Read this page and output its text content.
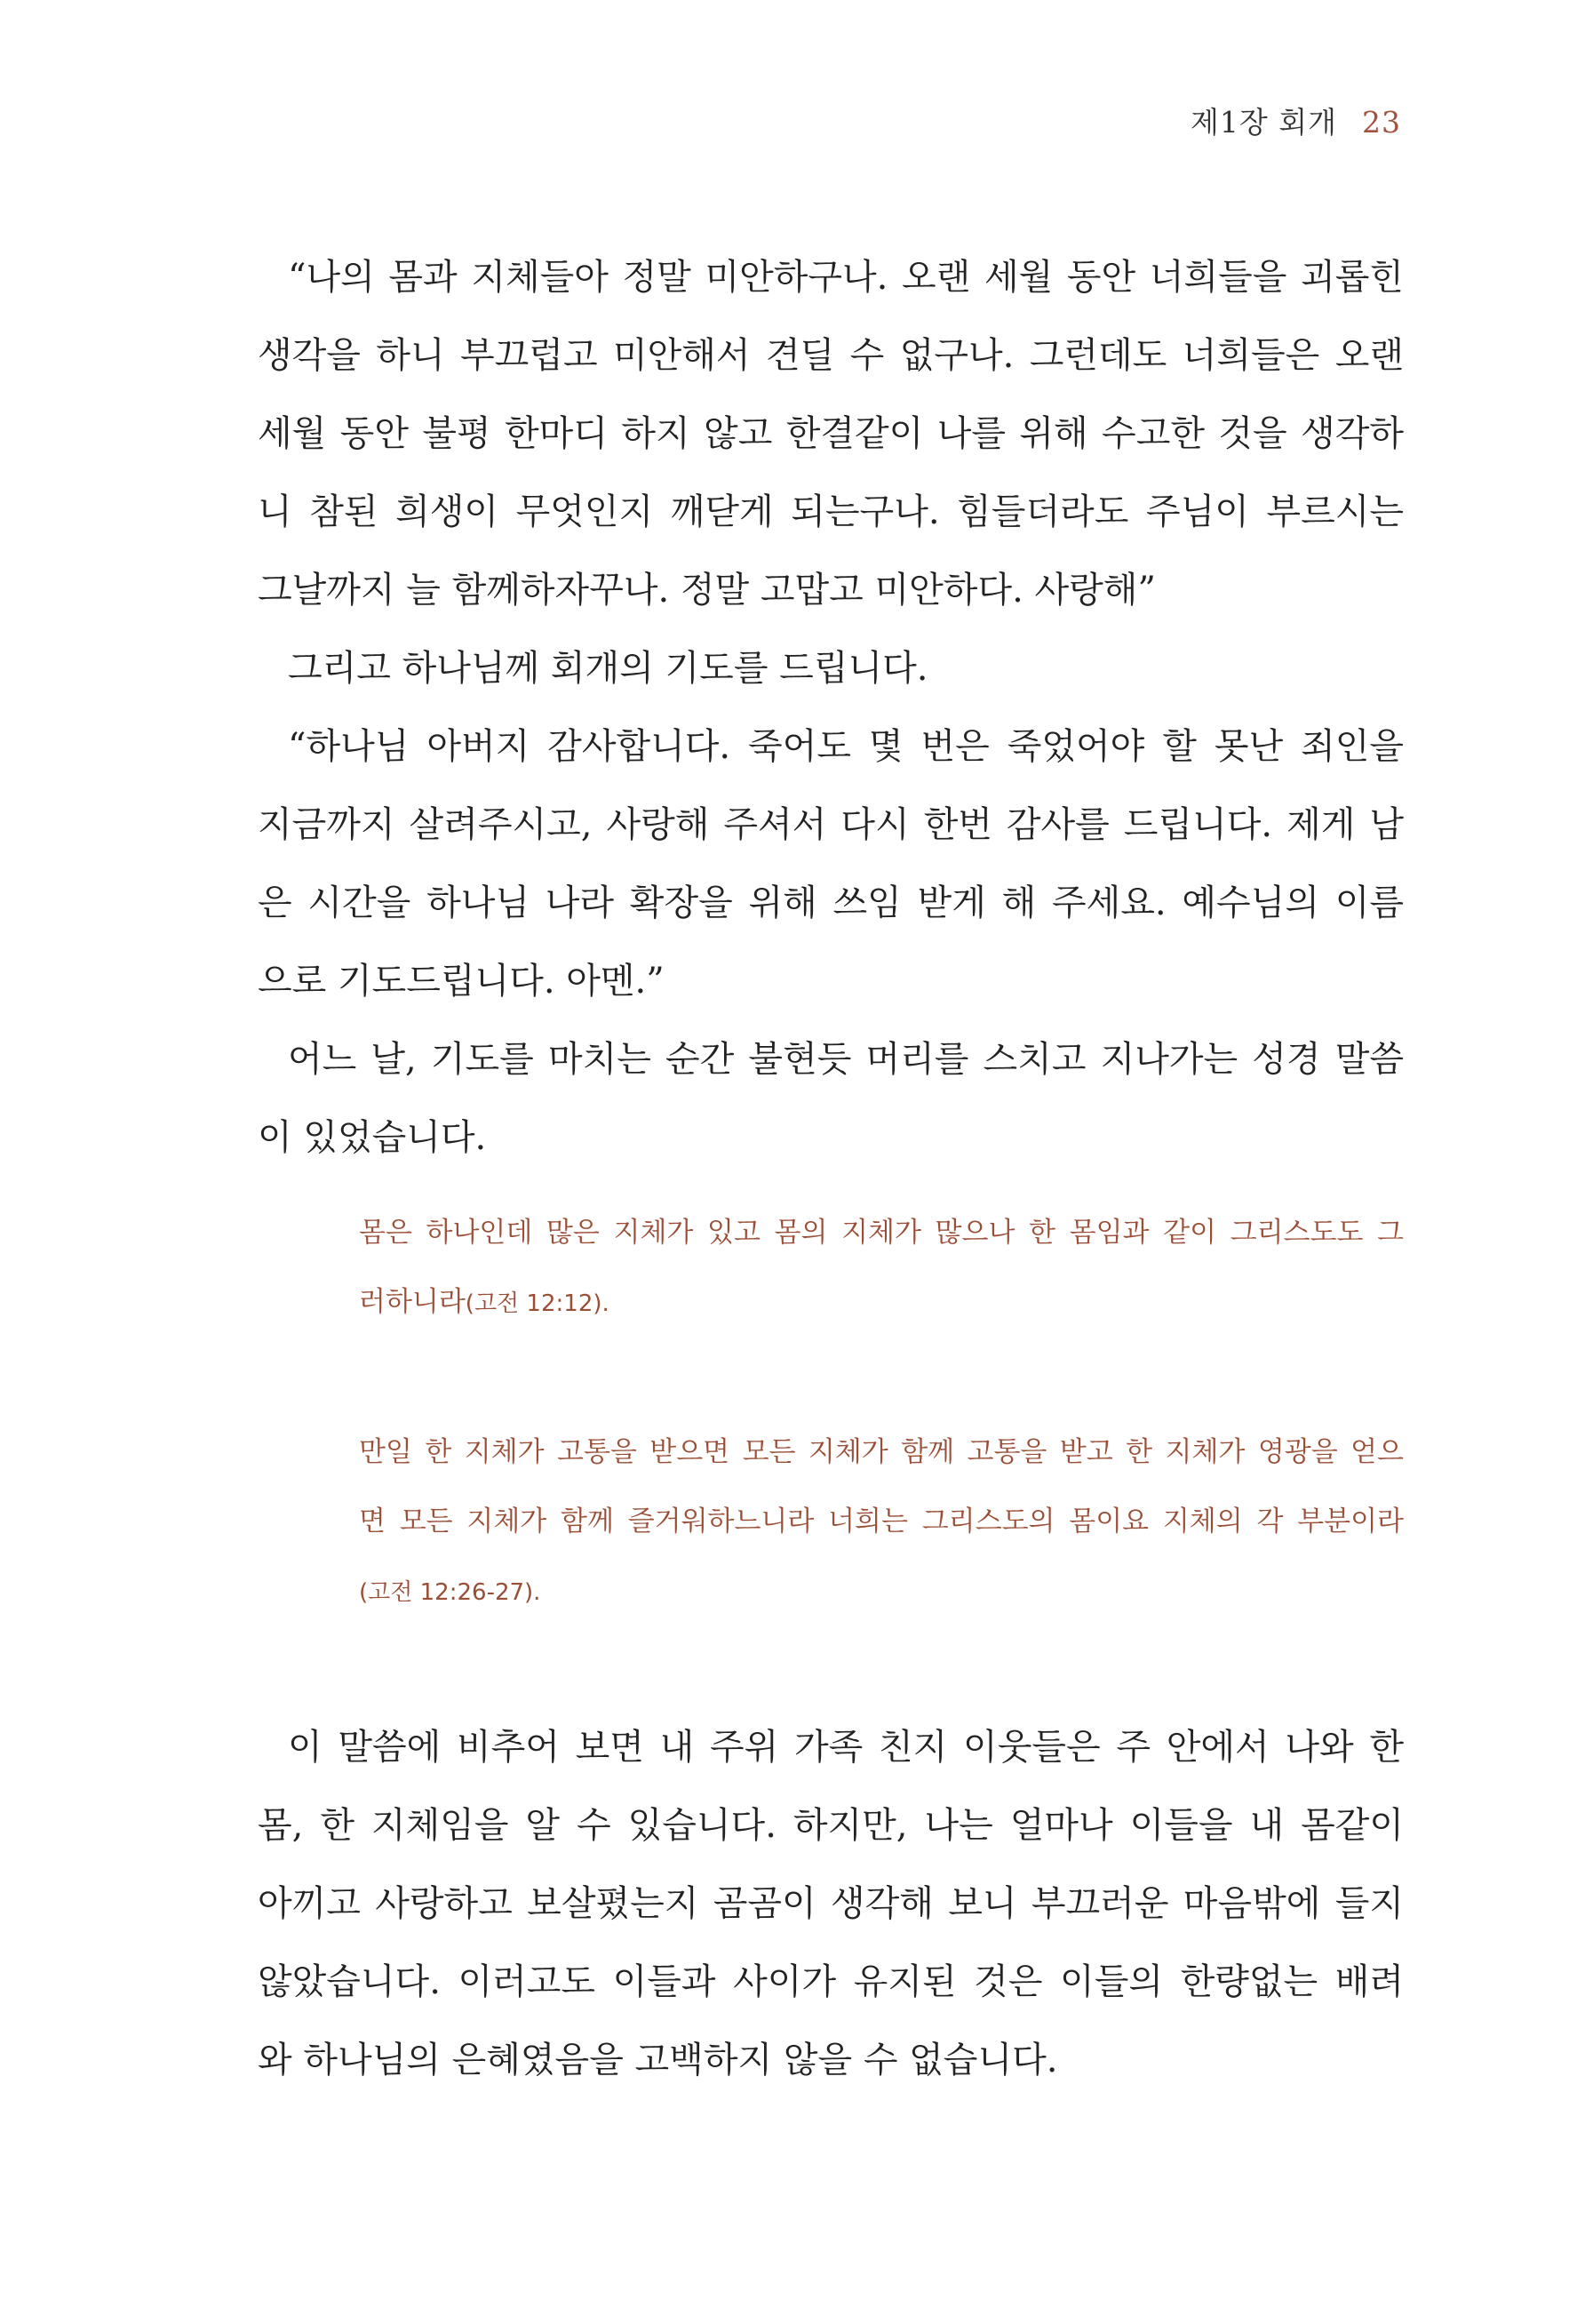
제1장 회개 23
“나의 몸과 지체들아 정말 미안하구나. 오랜 세월 동안 너희들을 괴롭힌
생각을 하니 부끄럽고 미안해서 견딜 수 없구나. 그런데도 너희들은 오랜
세월 동안 불평 한마디 하지 않고 한결같이 나를 위해 수고한 것을 생각하
니 참된 희생이 무엇인지 깨닫게 되는구나. 힘들더라도 주님이 부르시는
그날까지 늘 함께하자꾸나. 정말 고맙고 미안하다. 사랑해”
그리고 하나님께 회개의 기도를 드립니다.
“하나님 아버지 감사합니다. 죽어도 몇 번은 죽었어야 할 못난 죄인을
지금까지 살려주시고, 사랑해 주셔서 다시 한번 감사를 드립니다. 제게 남
은 시간을 하나님 나라 확장을 위해 쓰임 받게 해 주세요. 예수님의 이름
으로 기도드립니다. 아멘.”
어느 날, 기도를 마치는 순간 불현듯 머리를 스치고 지나가는 성경 말씀
이 있었습니다.
몸은 하나인데 많은 지체가 있고 몸의 지체가 많으나 한 몸임과 같이 그리스도도 그
러하니라(고전 12:12).
만일 한 지체가 고통을 받으면 모든 지체가 함께 고통을 받고 한 지체가 영광을 얻으
면 모든 지체가 함께 즐거워하느니라 너희는 그리스도의 몸이요 지체의 각 부분이라
(고전 12:26-27).
이 말씀에 비추어 보면 내 주위 가족 친지 이웃들은 주 안에서 나와 한
몸, 한 지체임을 알 수 있습니다. 하지만, 나는 얼마나 이들을 내 몸같이
아끼고 사랑하고 보살폈는지 곰곰이 생각해 보니 부끄러운 마음밖에 들지
않았습니다. 이러고도 이들과 사이가 유지된 것은 이들의 한량없는 배려
와 하나님의 은혜였음을 고백하지 않을 수 없습니다.
